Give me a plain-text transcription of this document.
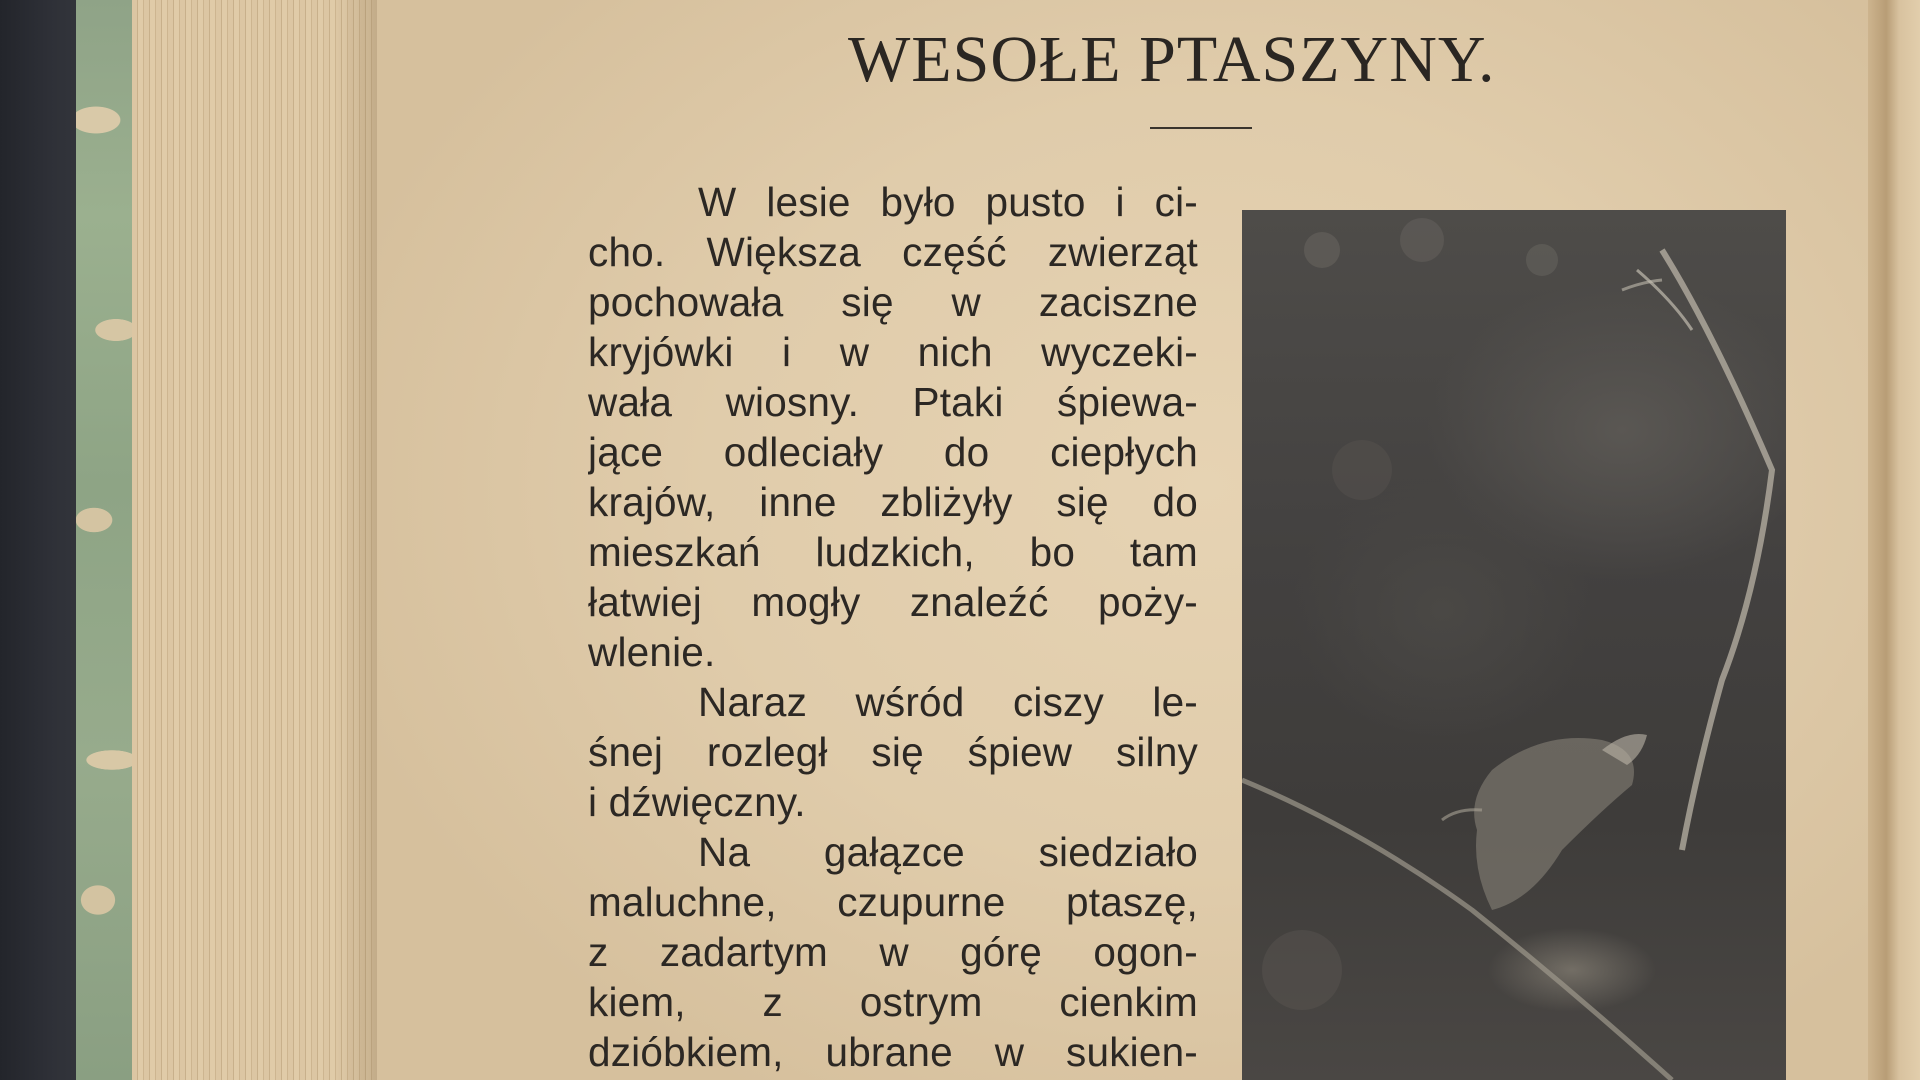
WESOŁE PTASZYNY.
W lesie było pusto i ci-
cho. Większa część zwierząt
pochowała się w zaciszne
kryjówki i w nich wyczeki-
wała wiosny. Ptaki śpiewa-
jące odleciały do ciepłych
krajów, inne zbliżyły się do
mieszkań ludzkich, bo tam
łatwiej mogły znaleźć poży-
wlenie.
Naraz wśród ciszy le-
śnej rozległ się śpiew silny
i dźwięczny.
Na gałązce siedziało
maluchne, czupurne ptaszę,
z zadartym w górę ogon-
kiem, z ostrym cienkim
dzióbkiem, ubrane w sukien-
